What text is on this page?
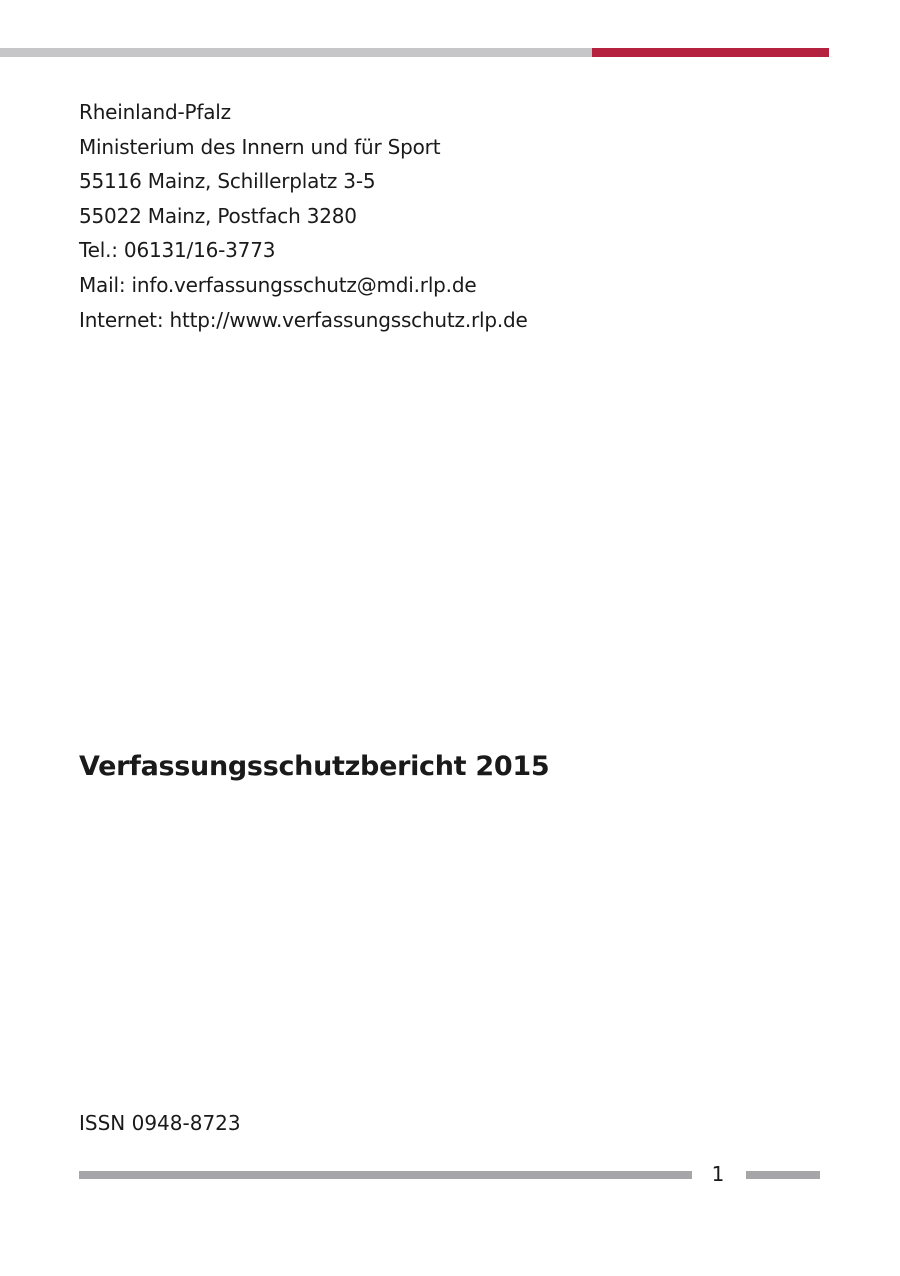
Rheinland-Pfalz
Ministerium des Innern und für Sport
55116 Mainz, Schillerplatz 3-5
55022 Mainz, Postfach 3280
Tel.: 06131/16-3773
Mail: info.verfassungsschutz@mdi.rlp.de
Internet: http://www.verfassungsschutz.rlp.de
Verfassungsschutzbericht 2015
ISSN 0948-8723
1
